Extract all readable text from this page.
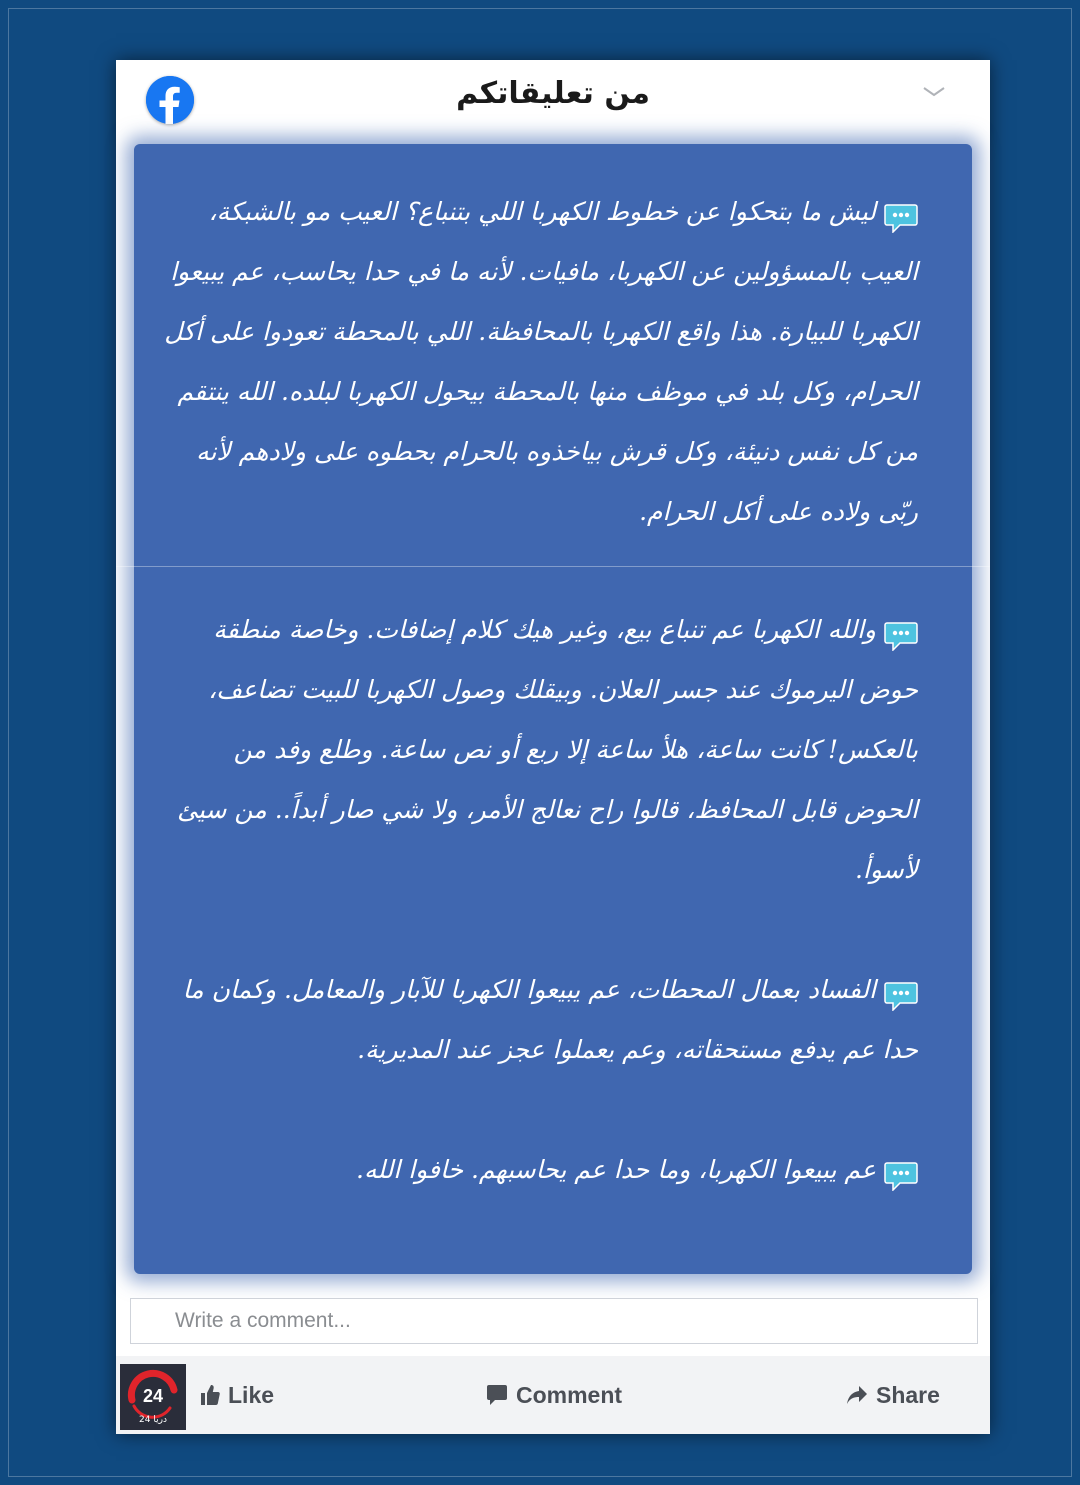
من تعليقاتكم
ليش ما بتحكوا عن خطوط الكهربا اللي بتنباع؟ العيب مو بالشبكة، العيب بالمسؤولين عن الكهربا، مافيات. لأنه ما في حدا يحاسب، عم يبيعوا الكهربا للبيارة. هذا واقع الكهربا بالمحافظة. اللي بالمحطة تعودوا على أكل الحرام، وكل بلد في موظف منها بالمحطة بيحول الكهربا لبلده. الله ينتقم من كل نفس دنيئة، وكل قرش بياخذوه بالحرام بحطوه على ولادهم لأنه ربّى ولاده على أكل الحرام.
والله الكهربا عم تنباع بيع، وغير هيك كلام إضافات. وخاصة منطقة حوض اليرموك عند جسر العلان. وبيقلك وصول الكهربا للبيت تضاعف، بالعكس! كانت ساعة، هلأ ساعة إلا ربع أو نص ساعة. وطلع وفد من الحوض قابل المحافظ، قالوا راح نعالج الأمر، ولا شي صار أبداً.. من سيئ لأسوأ.
الفساد بعمال المحطات، عم يبيعوا الكهربا للآبار والمعامل. وكمان ما حدا عم يدفع مستحقاته، وعم يعملوا عجز عند المديرية.
عم يبيعوا الكهربا، وما حدا عم يحاسبهم. خافوا الله.
Write a comment...
24
دريا 24
Like	Comment	Share
